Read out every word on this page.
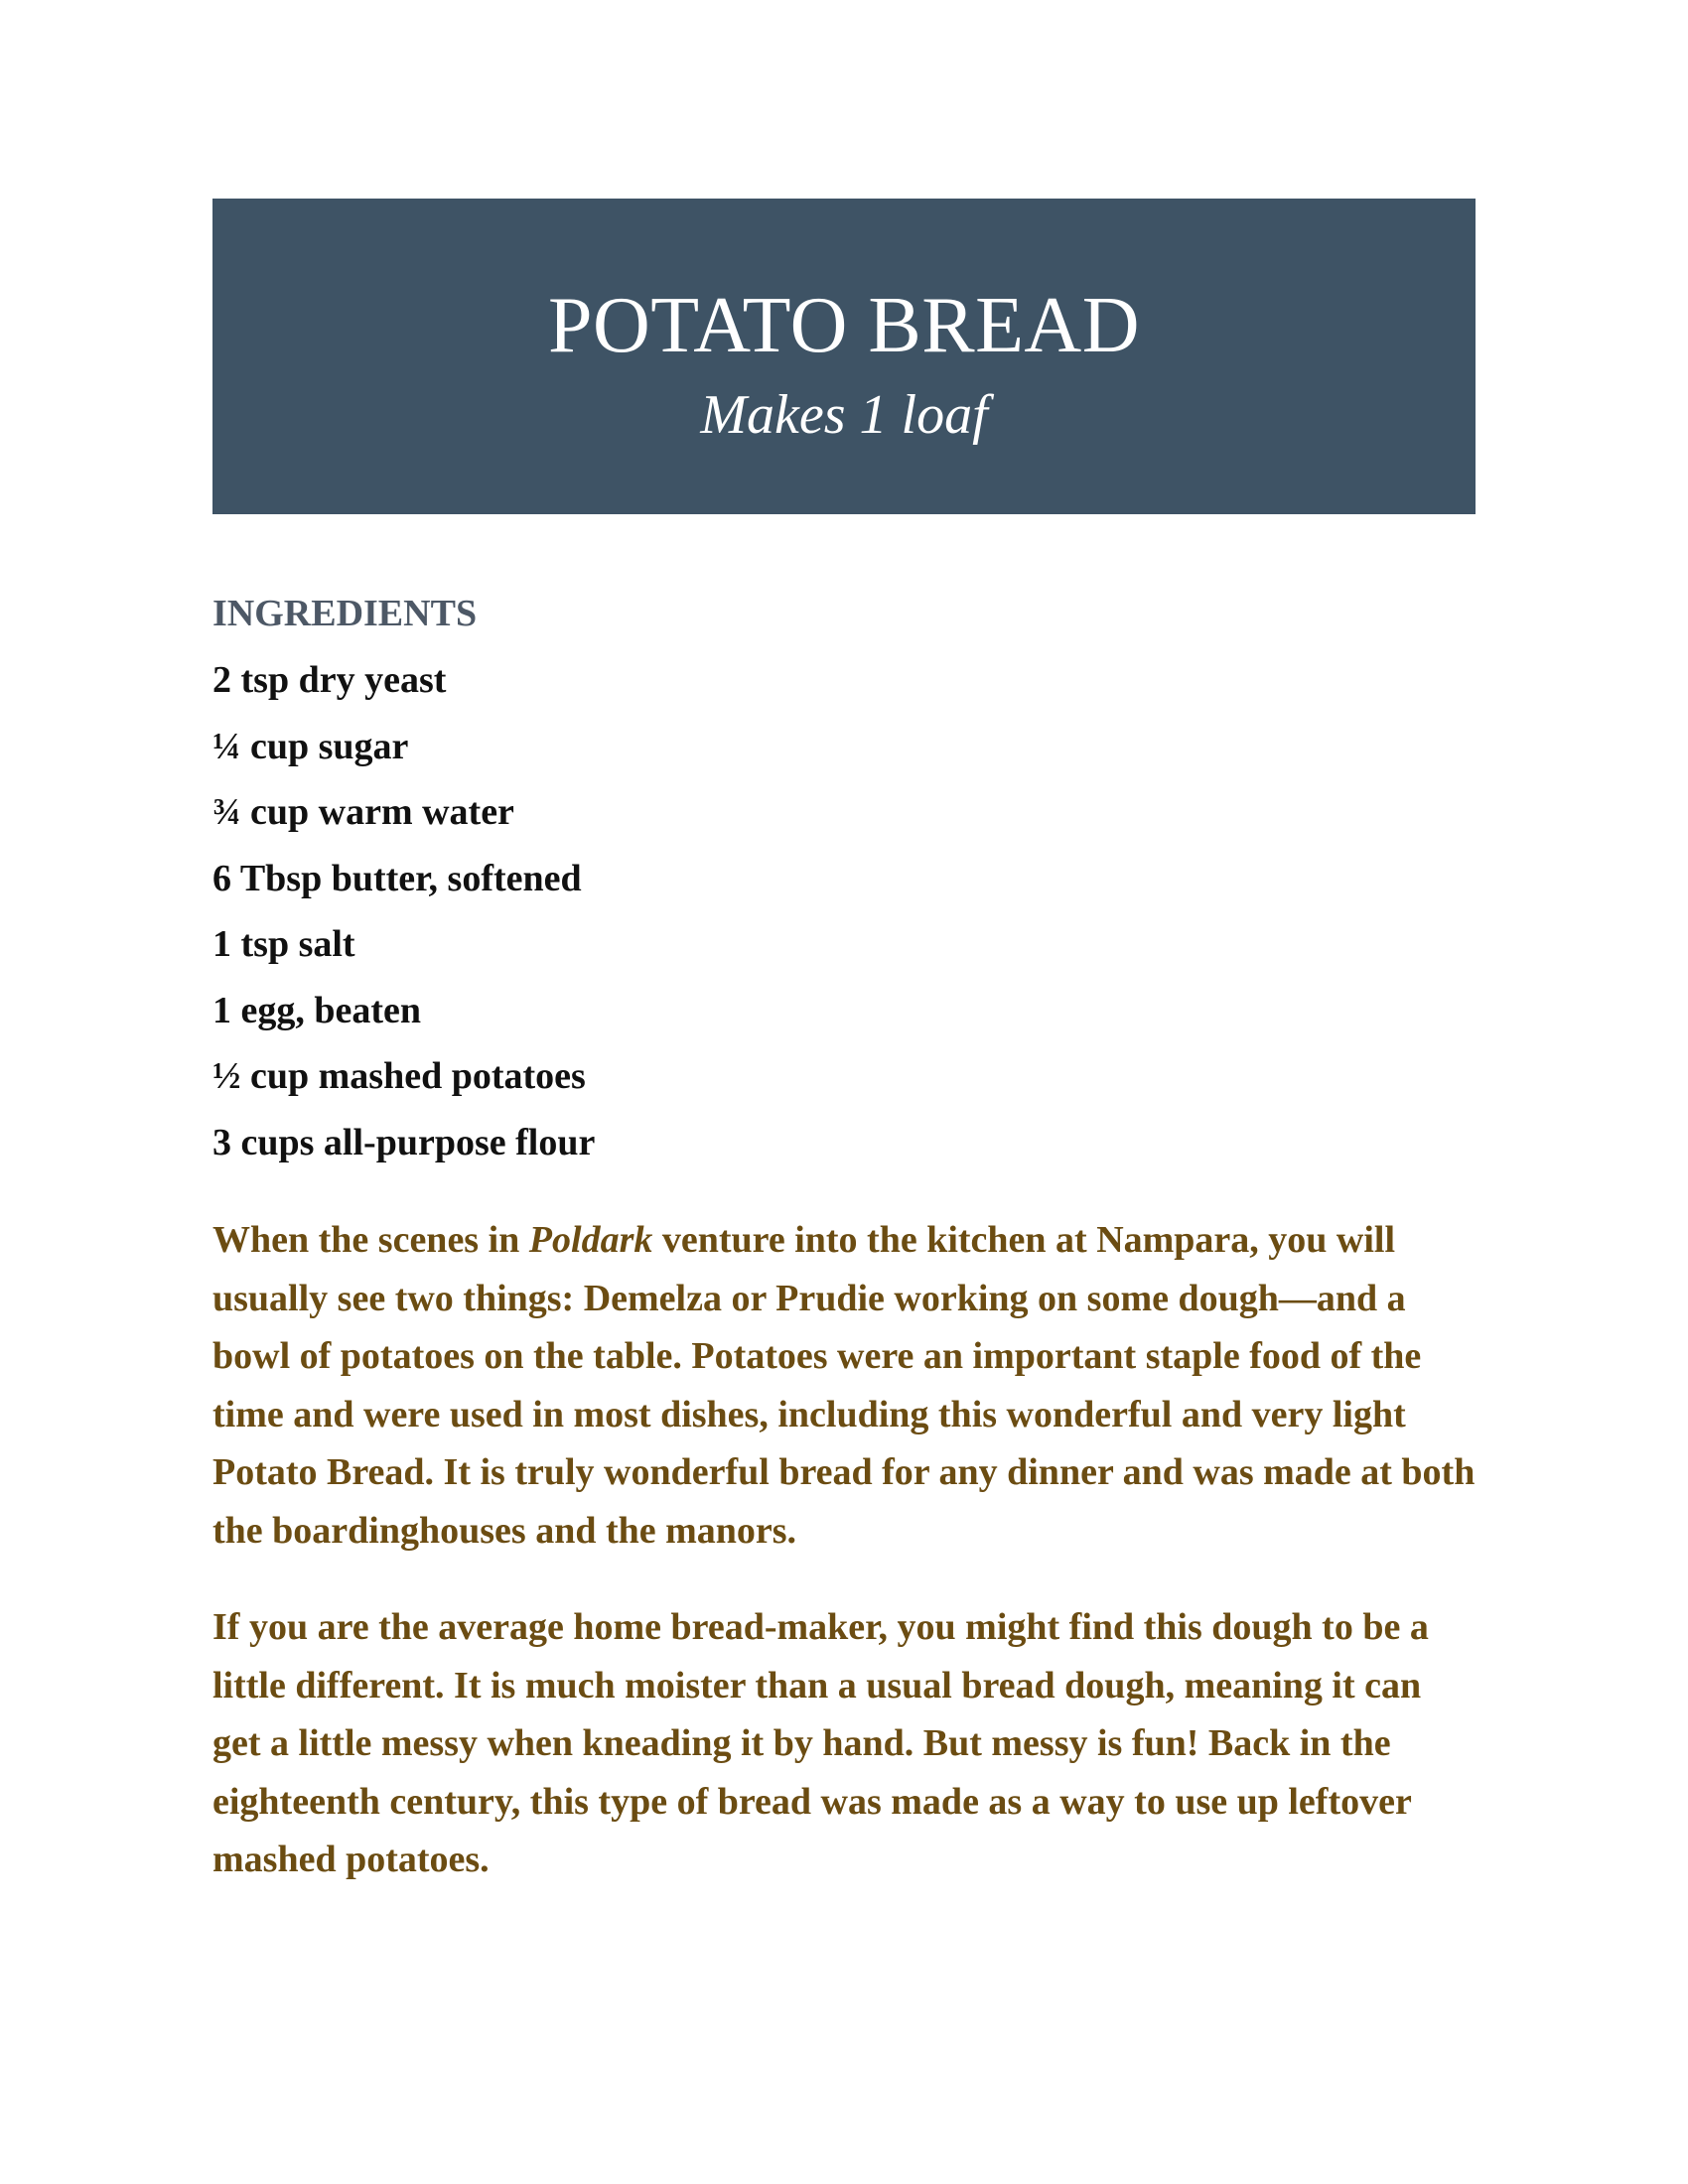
POTATO BREAD

Makes 1 loaf

INGREDIENTS
2 tsp dry yeast
¼ cup sugar
¾ cup warm water
6 Tbsp butter, softened
1 tsp salt
1 egg, beaten
½ cup mashed potatoes
3 cups all-purpose flour

When the scenes in Poldark venture into the kitchen at Nampara, you will usually see two things: Demelza or Prudie working on some dough—and a bowl of potatoes on the table. Potatoes were an important staple food of the time and were used in most dishes, including this wonderful and very light Potato Bread. It is truly wonderful bread for any dinner and was made at both the boardinghouses and the manors.

If you are the average home bread-maker, you might find this dough to be a little different. It is much moister than a usual bread dough, meaning it can get a little messy when kneading it by hand. But messy is fun! Back in the eighteenth century, this type of bread was made as a way to use up leftover mashed potatoes.
